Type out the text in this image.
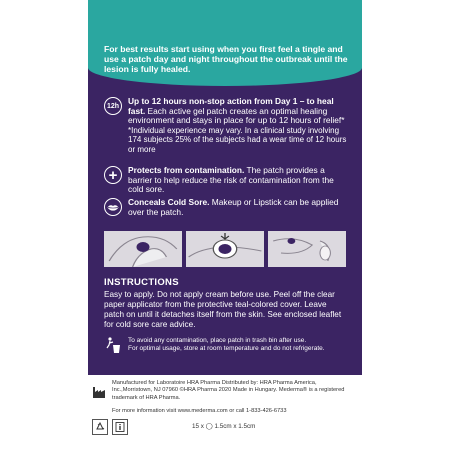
For best results start using when you first feel a tingle and use a patch day and night throughout the outbreak until the lesion is fully healed.
12h	Up to 12 hours non-stop action from Day 1 – to heal fast. Each active gel patch creates an optimal healing environment and stays in place for up to 12 hours of relief*
*Individual experience may vary. In a clinical study involving 174 subjects 25% of the subjects had a wear time of 12 hours or more
+ Protects from contamination. The patch provides a barrier to help reduce the risk of contamination from the cold sore.
Conceals Cold Sore. Makeup or Lipstick can be applied over the patch.
INSTRUCTIONS
Easy to apply. Do not apply cream before use. Peel off the clear paper applicator from the protective teal-colored cover. Leave patch on until it detaches itself from the skin. See enclosed leaflet for cold sore care advice.
To avoid any contamination, place patch in trash bin after use.
For optimal usage, store at room temperature and do not refrigerate.
Manufactured for Laboratoire HRA Pharma Distributed by: HRA Pharma America, Inc.,Morristown, NJ 07960 ©HRA Pharma 2020 Made in Hungary. Mederma® is a registered trademark of HRA Pharma.
For more information visit www.mederma.com or call 1-833-426-6733
15 x ◯ 1.5cm x 1.5cm
